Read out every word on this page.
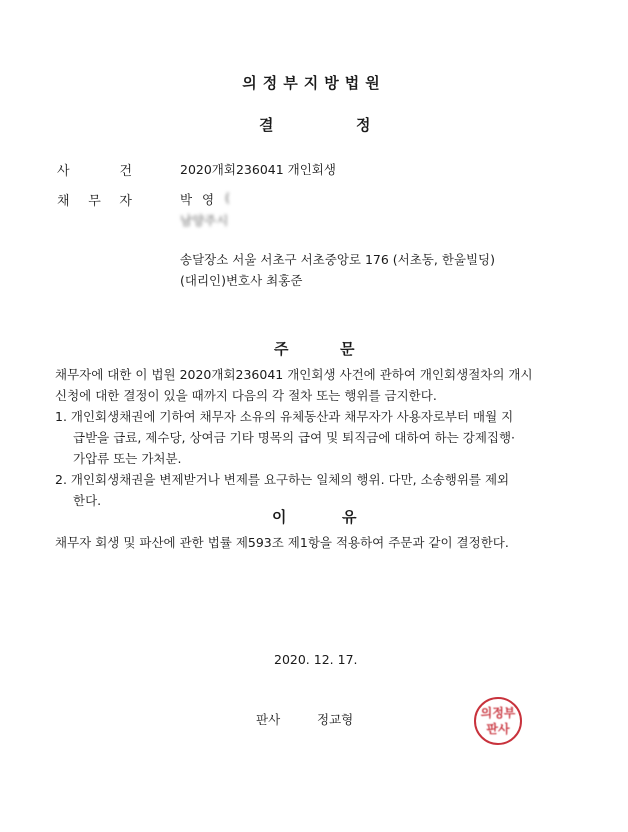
의정부지방법원
결	정
사 건	2020개회236041 개인회생
채 무 자	박 영 (
남양주시
송달장소 서울 서초구 서초중앙로 176 (서초동, 한울빌딩)
(대리인)변호사 최홍준
주	문
채무자에 대한 이 법원 2020개회236041 개인회생 사건에 관하여 개인회생절차의 개시
신청에 대한 결정이 있을 때까지 다음의 각 절차 또는 행위를 금지한다.
1. 개인회생채권에 기하여 채무자 소유의 유체동산과 채무자가 사용자로부터 매월 지
급받을 급료, 제수당, 상여금 기타 명목의 급여 및 퇴직금에 대하여 하는 강제집행·
가압류 또는 가처분.
2. 개인회생채권을 변제받거나 변제를 요구하는 일체의 행위. 다만, 소송행위를 제외
한다.
이	유
채무자 회생 및 파산에 관한 법률 제593조 제1항을 적용하여 주문과 같이 결정한다.
2020. 12. 17.
판사	정교형	의정부
판사
